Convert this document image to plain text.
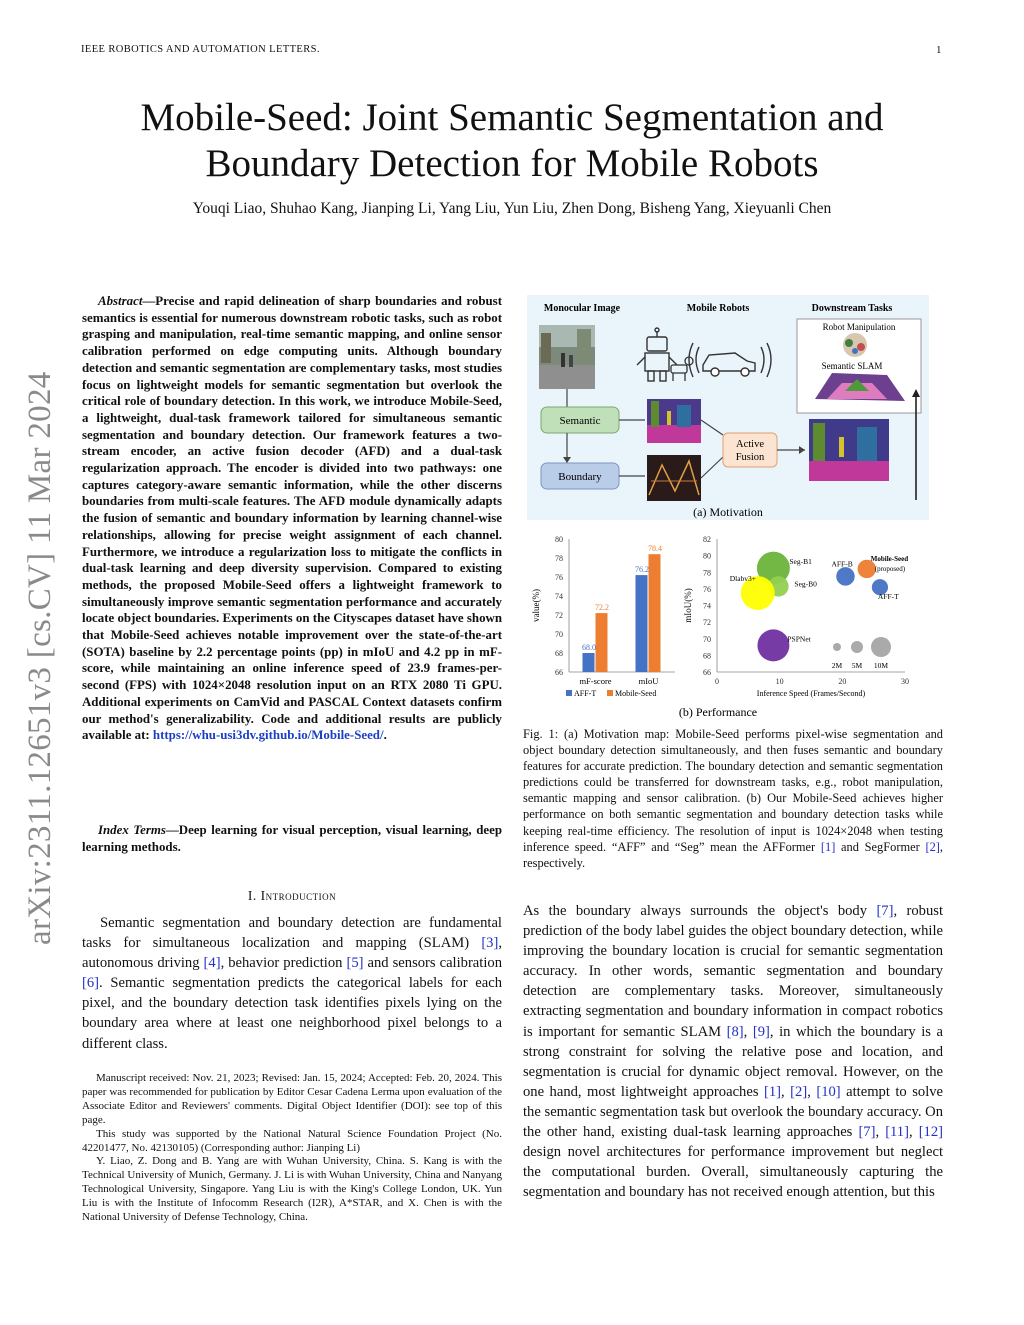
IEEE ROBOTICS AND AUTOMATION LETTERS.	1
Mobile-Seed: Joint Semantic Segmentation and Boundary Detection for Mobile Robots
Youqi Liao, Shuhao Kang, Jianping Li, Yang Liu, Yun Liu, Zhen Dong, Bisheng Yang, Xieyuanli Chen
arXiv:2311.12651v3 [cs.CV] 11 Mar 2024
Abstract—Precise and rapid delineation of sharp boundaries and robust semantics is essential for numerous downstream robotic tasks, such as robot grasping and manipulation, real-time semantic mapping, and online sensor calibration performed on edge computing units. Although boundary detection and semantic segmentation are complementary tasks, most studies focus on lightweight models for semantic segmentation but overlook the critical role of boundary detection. In this work, we introduce Mobile-Seed, a lightweight, dual-task framework tailored for simultaneous semantic segmentation and boundary detection. Our framework features a two-stream encoder, an active fusion decoder (AFD) and a dual-task regularization approach. The encoder is divided into two pathways: one captures category-aware semantic information, while the other discerns boundaries from multi-scale features. The AFD module dynamically adapts the fusion of semantic and boundary information by learning channel-wise relationships, allowing for precise weight assignment of each channel. Furthermore, we introduce a regularization loss to mitigate the conflicts in dual-task learning and deep diversity supervision. Compared to existing methods, the proposed Mobile-Seed offers a lightweight framework to simultaneously improve semantic segmentation performance and accurately locate object boundaries. Experiments on the Cityscapes dataset have shown that Mobile-Seed achieves notable improvement over the state-of-the-art (SOTA) baseline by 2.2 percentage points (pp) in mIoU and 4.2 pp in mF-score, while maintaining an online inference speed of 23.9 frames-per-second (FPS) with 1024×2048 resolution input on an RTX 2080 Ti GPU. Additional experiments on CamVid and PASCAL Context datasets confirm our method's generalizability. Code and additional results are publicly available at: https://whu-usi3dv.github.io/Mobile-Seed/.
Index Terms—Deep learning for visual perception, visual learning, deep learning methods.
I. Introduction
Semantic segmentation and boundary detection are fundamental tasks for simultaneous localization and mapping (SLAM) [3], autonomous driving [4], behavior prediction [5] and sensors calibration [6]. Semantic segmentation predicts the categorical labels for each pixel, and the boundary detection task identifies pixels lying on the boundary area where at least one neighborhood pixel belongs to a different class.

Manuscript received: Nov. 21, 2023; Revised: Jan. 15, 2024; Accepted: Feb. 20, 2024. This paper was recommended for publication by Editor Cesar Cadena Lerma upon evaluation of the Associate Editor and Reviewers' comments. Digital Object Identifier (DOI): see top of this page.

This study was supported by the National Natural Science Foundation Project (No. 42201477, No. 42130105) (Corresponding author: Jianping Li)

Y. Liao, Z. Dong and B. Yang are with Wuhan University, China. S. Kang is with the Technical University of Munich, Germany. J. Li is with Wuhan University, China and Nanyang Technological University, Singapore. Yang Liu is with the King's College London, UK. Yun Liu is with the Institute of Infocomm Research (I2R), A*STAR, and X. Chen is with the National University of Defense Technology, China.

Monocular Image	Mobile Robots	Downstream Tasks
Robot Manipulation
Semantic SLAM
Semantic
Boundary
Active
Fusion
(a) Motivation
66
68
70
72
74
76
78
80
value(%)
68.0
72.2
mF-score
76.2
78.4
mIoU
AFF-T Mobile-Seed
66
68
70
72
74
76
78
80
82
0	10	20	30
mIoU(%)
Inference Speed (Frames/Second)
Seg-B1
Seg-B0
Dlabv3+
PSPNet
AFF-B
AFF-T
Mobile-Seed
(proposed)
2M 5M 10M
(b) Performance
Fig. 1: (a) Motivation map: Mobile-Seed performs pixel-wise segmentation and object boundary detection simultaneously, and then fuses semantic and boundary features for accurate prediction. The boundary detection and semantic segmentation predictions could be transferred for downstream tasks, e.g., robot manipulation, semantic mapping and sensor calibration. (b) Our Mobile-Seed achieves higher performance on both semantic segmentation and boundary detection tasks while keeping real-time efficiency. The resolution of input is 1024×2048 when testing inference speed. “AFF” and “Seg” mean the AFFormer [1] and SegFormer [2], respectively.
As the boundary always surrounds the object's body [7], robust prediction of the body label guides the object boundary detection, while improving the boundary location is crucial for semantic segmentation accuracy. In other words, semantic segmentation and boundary detection are complementary tasks. Moreover, simultaneously extracting segmentation and boundary information in compact robotics is important for semantic SLAM [8], [9], in which the boundary is a strong constraint for solving the relative pose and location, and segmentation is crucial for dynamic object removal. However, on the one hand, most lightweight approaches [1], [2], [10] attempt to solve the semantic segmentation task but overlook the boundary accuracy. On the other hand, existing dual-task learning approaches [7], [11], [12] design novel architectures for performance improvement but neglect the computational burden. Overall, simultaneously capturing the segmentation and boundary has not received enough attention, but this
